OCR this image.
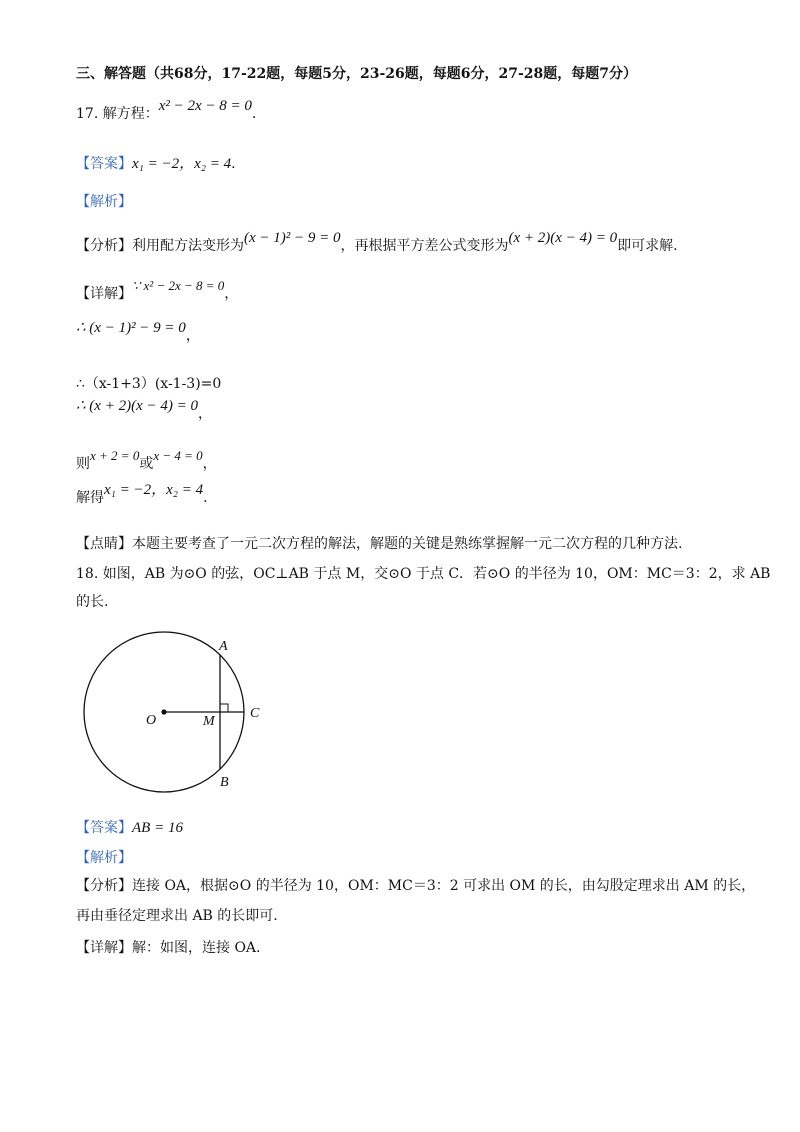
三、解答题（共68分，17-22题，每题5分，23-26题，每题6分，27-28题，每题7分）
17. 解方程：x² − 2x − 8 = 0.
【答案】x₁ = −2，x₂ = 4.
【解析】
【分析】利用配方法变形为(x − 1)² − 9 = 0，再根据平方差公式变形为(x + 2)(x − 4) = 0即可求解.
【详解】∵ x² − 2x − 8 = 0，
∴ (x − 1)² − 9 = 0，
∴（x-1+3）(x-1-3)=0
∴ (x + 2)(x − 4) = 0，
则x + 2 = 0或x − 4 = 0，
解得x₁ = −2，x₂ = 4.
【点睛】本题主要考查了一元二次方程的解法，解题的关键是熟练掌握解一元二次方程的几种方法.
18. 如图，AB 为⊙O 的弦，OC⊥AB 于点 M，交⊙O 于点 C．若⊙O 的半径为 10，OM：MC＝3：2，求 AB
的长.
A
B
C
O	M
【答案】AB = 16
【解析】
【分析】连接 OA，根据⊙O 的半径为 10，OM：MC＝3：2 可求出 OM 的长，由勾股定理求出 AM 的长，
再由垂径定理求出 AB 的长即可.
【详解】解：如图，连接 OA.
